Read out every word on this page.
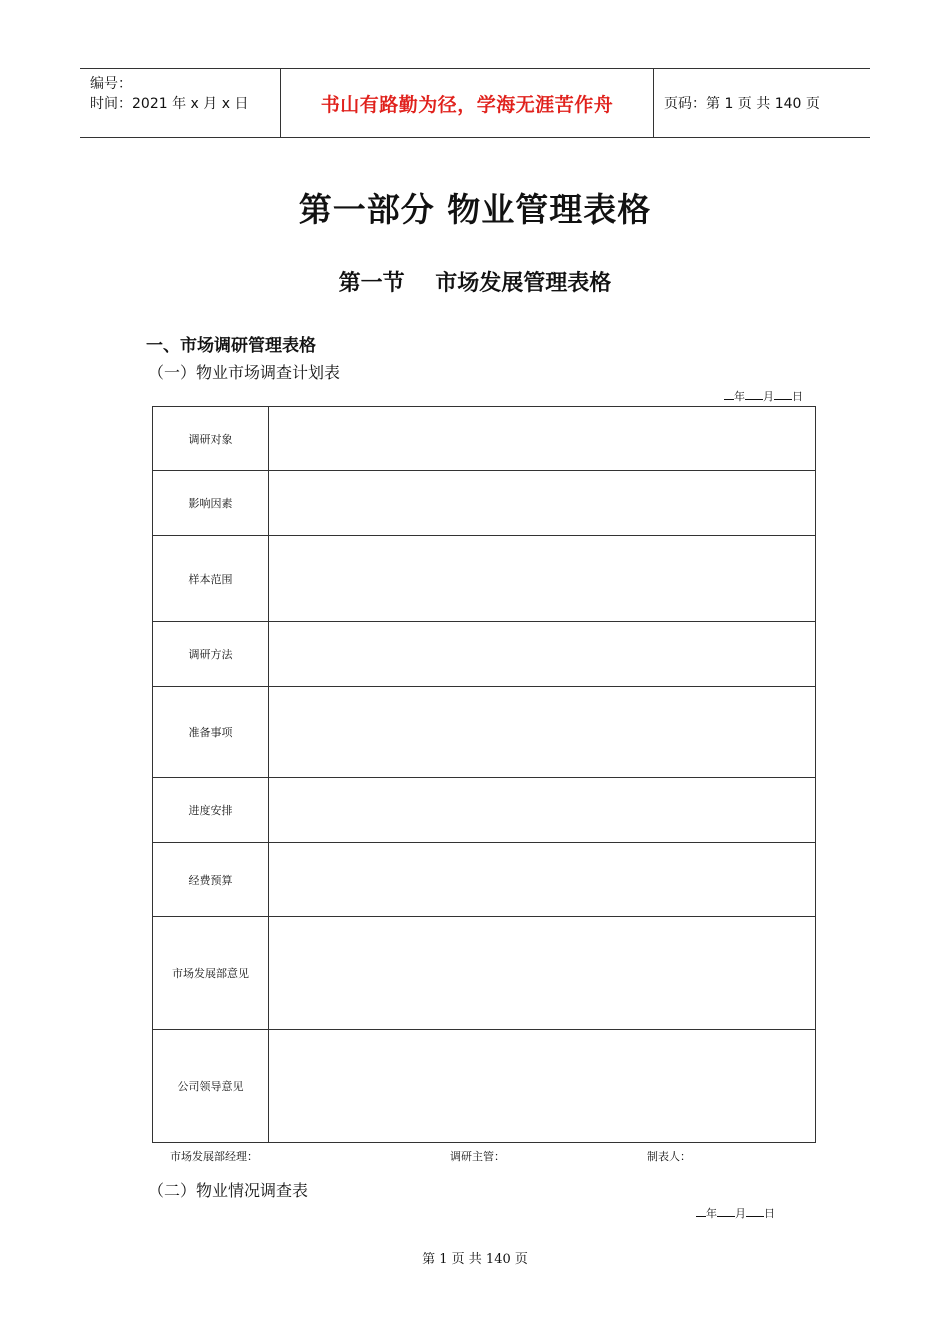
编号：
时间：2021 年 x 月 x 日	书山有路勤为径，学海无涯苦作舟	页码：第 1 页 共 140 页
第一部分 物业管理表格
第一节    市场发展管理表格
一、市场调研管理表格
（一）物业市场调查计划表
年 月 日
调研对象	
影响因素	
样本范围	
调研方法	
准备事项	
进度安排	
经费预算	
市场发展部意见	
公司领导意见	
市场发展部经理：	调研主管：	制表人：
（二）物业情况调查表
年 月 日
第 1 页 共 140 页
